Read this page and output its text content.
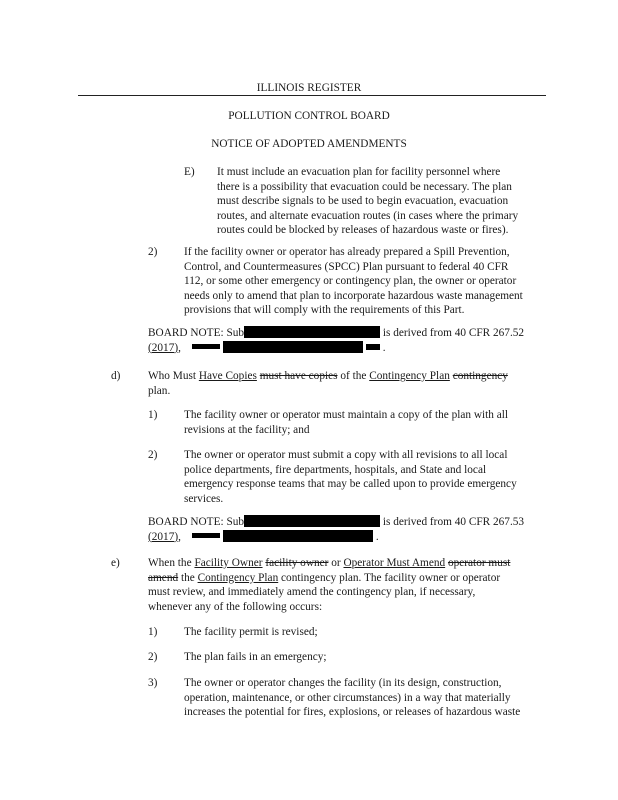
ILLINOIS REGISTER
POLLUTION CONTROL BOARD
NOTICE OF ADOPTED AMENDMENTS
E) It must include an evacuation plan for facility personnel where
there is a possibility that evacuation could be necessary. The plan
must describe signals to be used to begin evacuation, evacuation
routes, and alternate evacuation routes (in cases where the primary
routes could be blocked by releases of hazardous waste or fires).
2) If the facility owner or operator has already prepared a Spill Prevention,
Control, and Countermeasures (SPCC) Plan pursuant to federal 40 CFR
112, or some other emergency or contingency plan, the owner or operator
needs only to amend that plan to incorporate hazardous waste management
provisions that will comply with the requirements of this Part.
BOARD NOTE: Sub	is derived from 40 CFR 267.52
(2017),	.
d) Who Must Have Copies must have copies of the Contingency Plan contingency
plan.
1) The facility owner or operator must maintain a copy of the plan with all
revisions at the facility; and
2) The owner or operator must submit a copy with all revisions to all local
police departments, fire departments, hospitals, and State and local
emergency response teams that may be called upon to provide emergency
services.
BOARD NOTE: Sub	is derived from 40 CFR 267.53
(2017),	.
e) When the Facility Owner facility owner or Operator Must Amend operator must
amend the Contingency Plan contingency plan. The facility owner or operator
must review, and immediately amend the contingency plan, if necessary,
whenever any of the following occurs:
1) The facility permit is revised;
2) The plan fails in an emergency;
3) The owner or operator changes the facility (in its design, construction,
operation, maintenance, or other circumstances) in a way that materially
increases the potential for fires, explosions, or releases of hazardous waste
